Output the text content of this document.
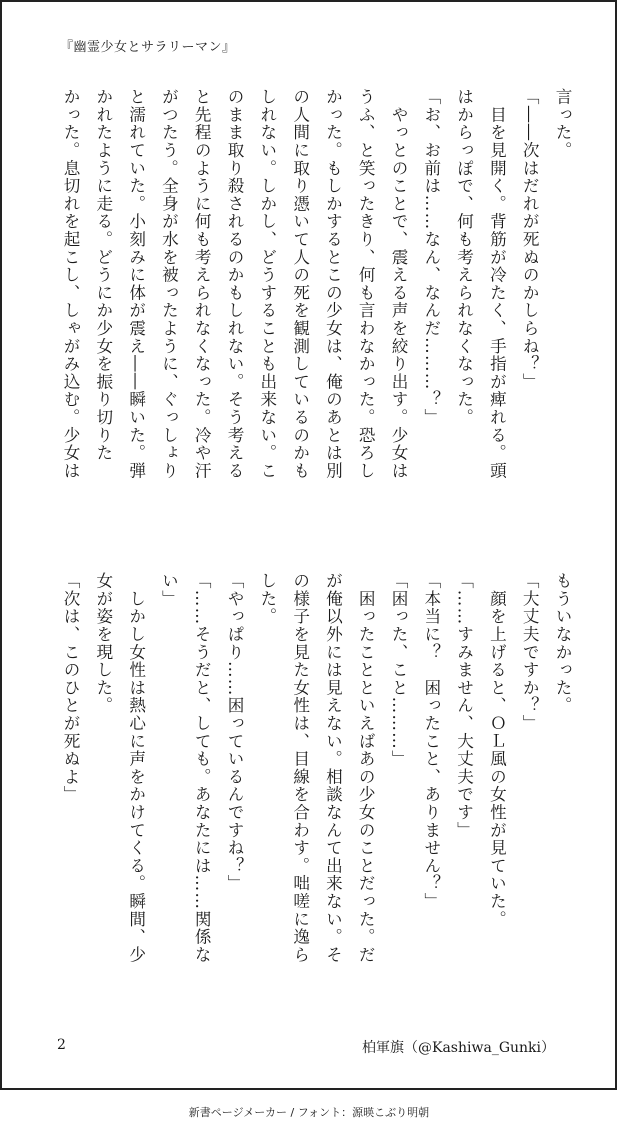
『幽霊少女とサラリーマン』

言った。

「――次はだれが死ぬのかしらね？」

　目を見開く。背筋が冷たく、手指が痺れる。頭

はからっぽで、何も考えられなくなった。

「お、お前は……なん、なんだ………？」

　やっとのことで、震える声を絞り出す。少女は

うふ、と笑ったきり、何も言わなかった。恐ろし

かった。もしかするとこの少女は、俺のあとは別

の人間に取り憑いて人の死を観測しているのかも

しれない。しかし、どうすることも出来ない。こ

のまま取り殺されるのかもしれない。そう考える

と先程のように何も考えられなくなった。冷や汗

がつたう。全身が水を被ったように、ぐっしょり

と濡れていた。小刻みに体が震え――瞬いた。弾

かれたように走る。どうにか少女を振り切りた

かった。息切れを起こし、しゃがみ込む。少女は

もういなかった。

「大丈夫ですか？」

　顔を上げると、ＯＬ風の女性が見ていた。

「……すみません、大丈夫です」

「本当に？　困ったこと、ありません？」

「困った、こと………」

　困ったことといえばあの少女のことだった。だ

が俺以外には見えない。相談なんて出来ない。そ

の様子を見た女性は、目線を合わす。咄嗟に逸ら

した。

「やっぱり……困っているんですね？」

「……そうだと、しても。あなたには……関係な

い」

　しかし女性は熱心に声をかけてくる。瞬間、少

女が姿を現した。

「次は、このひとが死ぬよ」

2	柏軍旗（@Kashiwa_Gunki）
新書ページメーカー / フォント：源暎こぶり明朝
